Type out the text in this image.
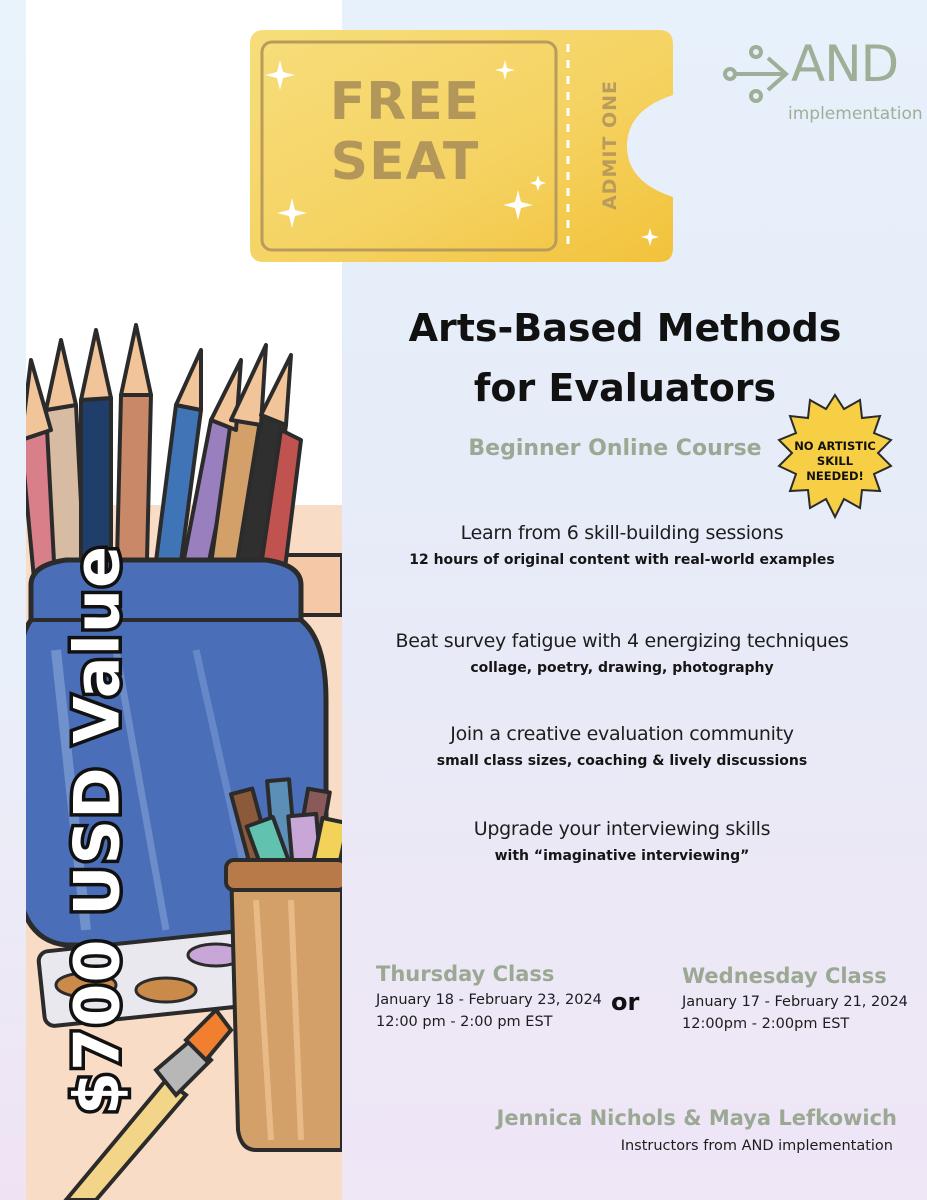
$700 USD Value
FREE
SEAT	ADMIT ONE
AND
implementation
Arts-Based Methods
for Evaluators
Beginner Online Course	NO ARTISTIC
SKILL
NEEDED!
Learn from 6 skill-building sessions
12 hours of original content with real-world examples
Beat survey fatigue with 4 energizing techniques
collage, poetry, drawing, photography
Join a creative evaluation community
small class sizes, coaching & lively discussions
Upgrade your interviewing skills
with “imaginative interviewing”
Thursday Class
January 18 - February 23, 2024
12:00 pm - 2:00 pm EST
or
Wednesday Class
January 17 - February 21, 2024
12:00pm - 2:00pm EST
Jennica Nichols & Maya Lefkowich
Instructors from AND implementation
